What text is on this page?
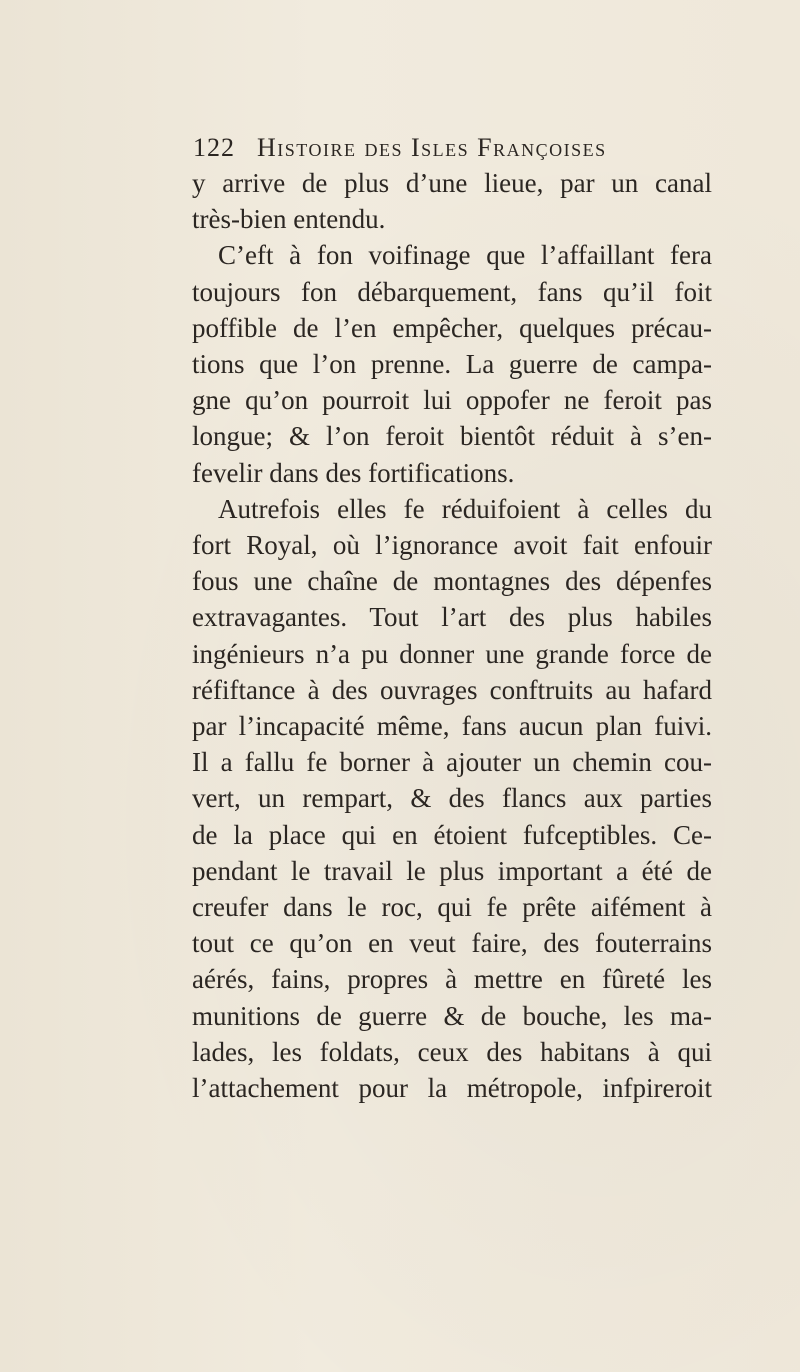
122 Histoire des Isles Françoises
y arrive de plus d’une lieue, par un canal
très-bien entendu.
C’eft à fon voifinage que l’affaillant fera
toujours fon débarquement, fans qu’il foit
poffible de l’en empêcher, quelques précau-
tions que l’on prenne. La guerre de campa-
gne qu’on pourroit lui oppofer ne feroit pas
longue; & l’on feroit bientôt réduit à s’en-
fevelir dans des fortifications.
Autrefois elles fe réduifoient à celles du
fort Royal, où l’ignorance avoit fait enfouir
fous une chaîne de montagnes des dépenfes
extravagantes. Tout l’art des plus habiles
ingénieurs n’a pu donner une grande force de
réfiftance à des ouvrages conftruits au hafard
par l’incapacité même, fans aucun plan fuivi.
Il a fallu fe borner à ajouter un chemin cou-
vert, un rempart, & des flancs aux parties
de la place qui en étoient fufceptibles. Ce-
pendant le travail le plus important a été de
creufer dans le roc, qui fe prête aifément à
tout ce qu’on en veut faire, des fouterrains
aérés, fains, propres à mettre en fûreté les
munitions de guerre & de bouche, les ma-
lades, les foldats, ceux des habitans à qui
l’attachement pour la métropole, infpireroit
